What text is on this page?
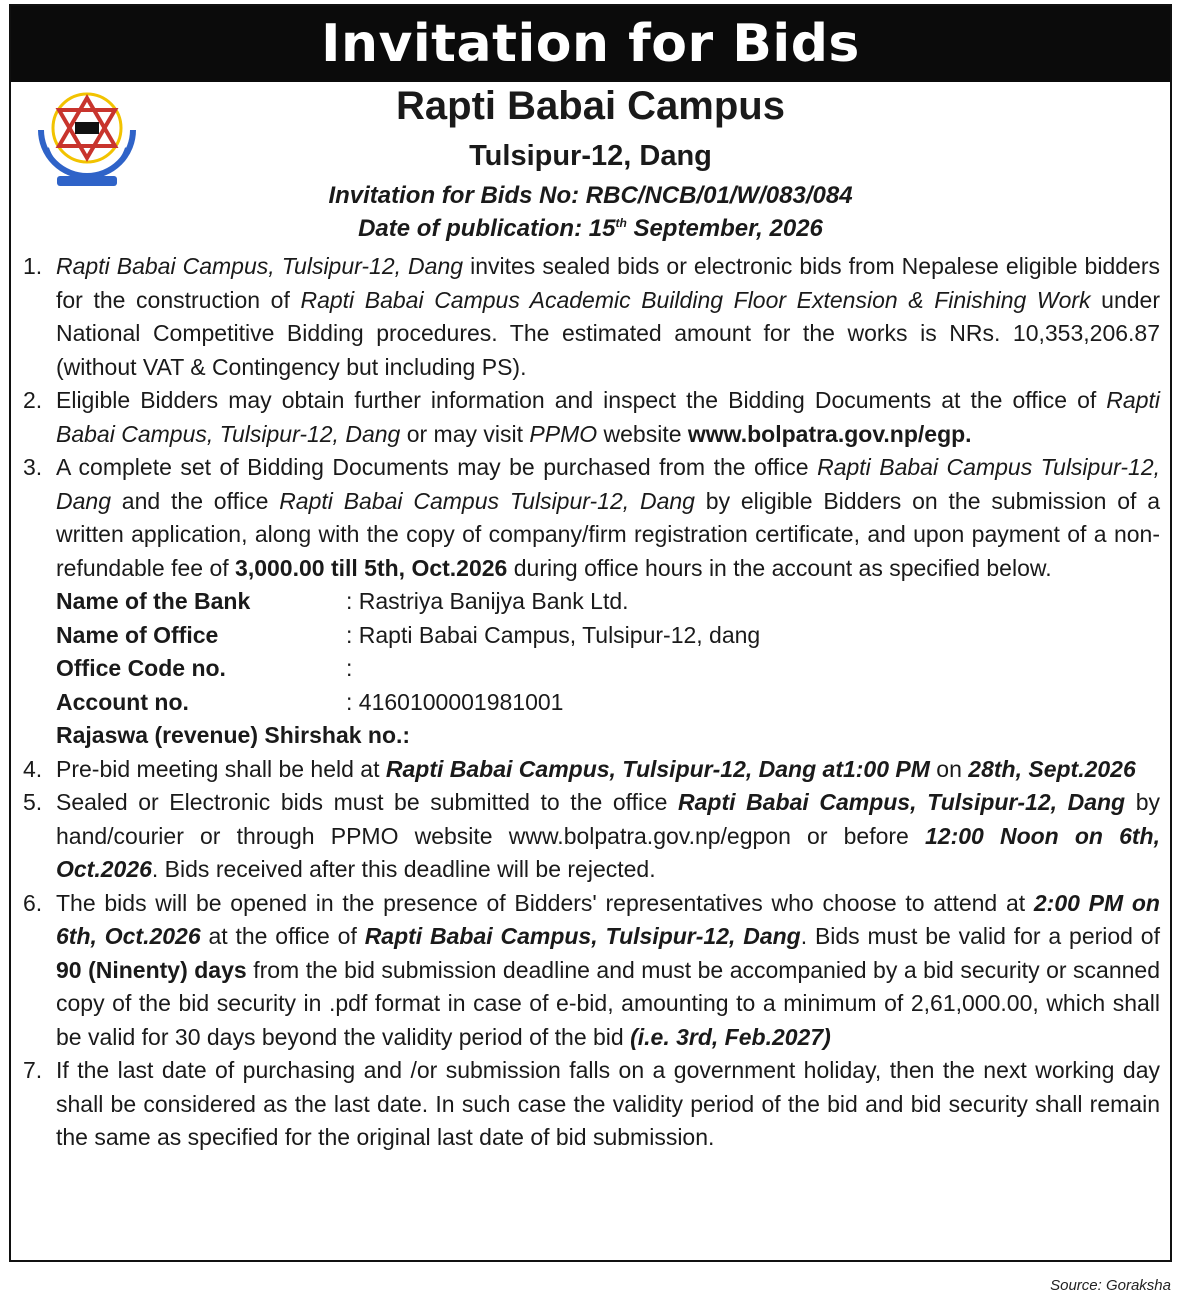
Invitation for Bids
Rapti Babai Campus
Tulsipur-12, Dang
Invitation for Bids No: RBC/NCB/01/W/083/084
Date of publication: 15th September, 2026
1. Rapti Babai Campus, Tulsipur-12, Dang invites sealed bids or electronic bids from Nepalese eligible bidders for the construction of Rapti Babai Campus Academic Building Floor Extension & Finishing Work under National Competitive Bidding procedures. The estimated amount for the works is NRs. 10,353,206.87 (without VAT & Contingency but including PS).
2. Eligible Bidders may obtain further information and inspect the Bidding Documents at the office of Rapti Babai Campus, Tulsipur-12, Dang or may visit PPMO website www.bolpatra.gov.np/egp.
3. A complete set of Bidding Documents may be purchased from the office Rapti Babai Campus Tulsipur-12, Dang and the office Rapti Babai Campus Tulsipur-12, Dang by eligible Bidders on the submission of a written application, along with the copy of company/firm registration certificate, and upon payment of a non-refundable fee of 3,000.00 till 5th, Oct.2026 during office hours in the account as specified below.
Name of the Bank	: Rastriya Banijya Bank Ltd.
Name of Office	: Rapti Babai Campus, Tulsipur-12, dang
Office Code no.	:
Account no.	: 4160100001981001
Rajaswa (revenue) Shirshak no.:
4. Pre-bid meeting shall be held at Rapti Babai Campus, Tulsipur-12, Dang at1:00 PM on 28th, Sept.2026
5. Sealed or Electronic bids must be submitted to the office Rapti Babai Campus, Tulsipur-12, Dang by hand/courier or through PPMO website www.bolpatra.gov.np/egpon or before 12:00 Noon on 6th, Oct.2026. Bids received after this deadline will be rejected.
6. The bids will be opened in the presence of Bidders' representatives who choose to attend at 2:00 PM on 6th, Oct.2026 at the office of Rapti Babai Campus, Tulsipur-12, Dang. Bids must be valid for a period of 90 (Ninenty) days from the bid submission deadline and must be accompanied by a bid security or scanned copy of the bid security in .pdf format in case of e-bid, amounting to a minimum of 2,61,000.00, which shall be valid for 30 days beyond the validity period of the bid (i.e. 3rd, Feb.2027)
7. If the last date of purchasing and /or submission falls on a government holiday, then the next working day shall be considered as the last date. In such case the validity period of the bid and bid security shall remain the same as specified for the original last date of bid submission.
Source: Goraksha
